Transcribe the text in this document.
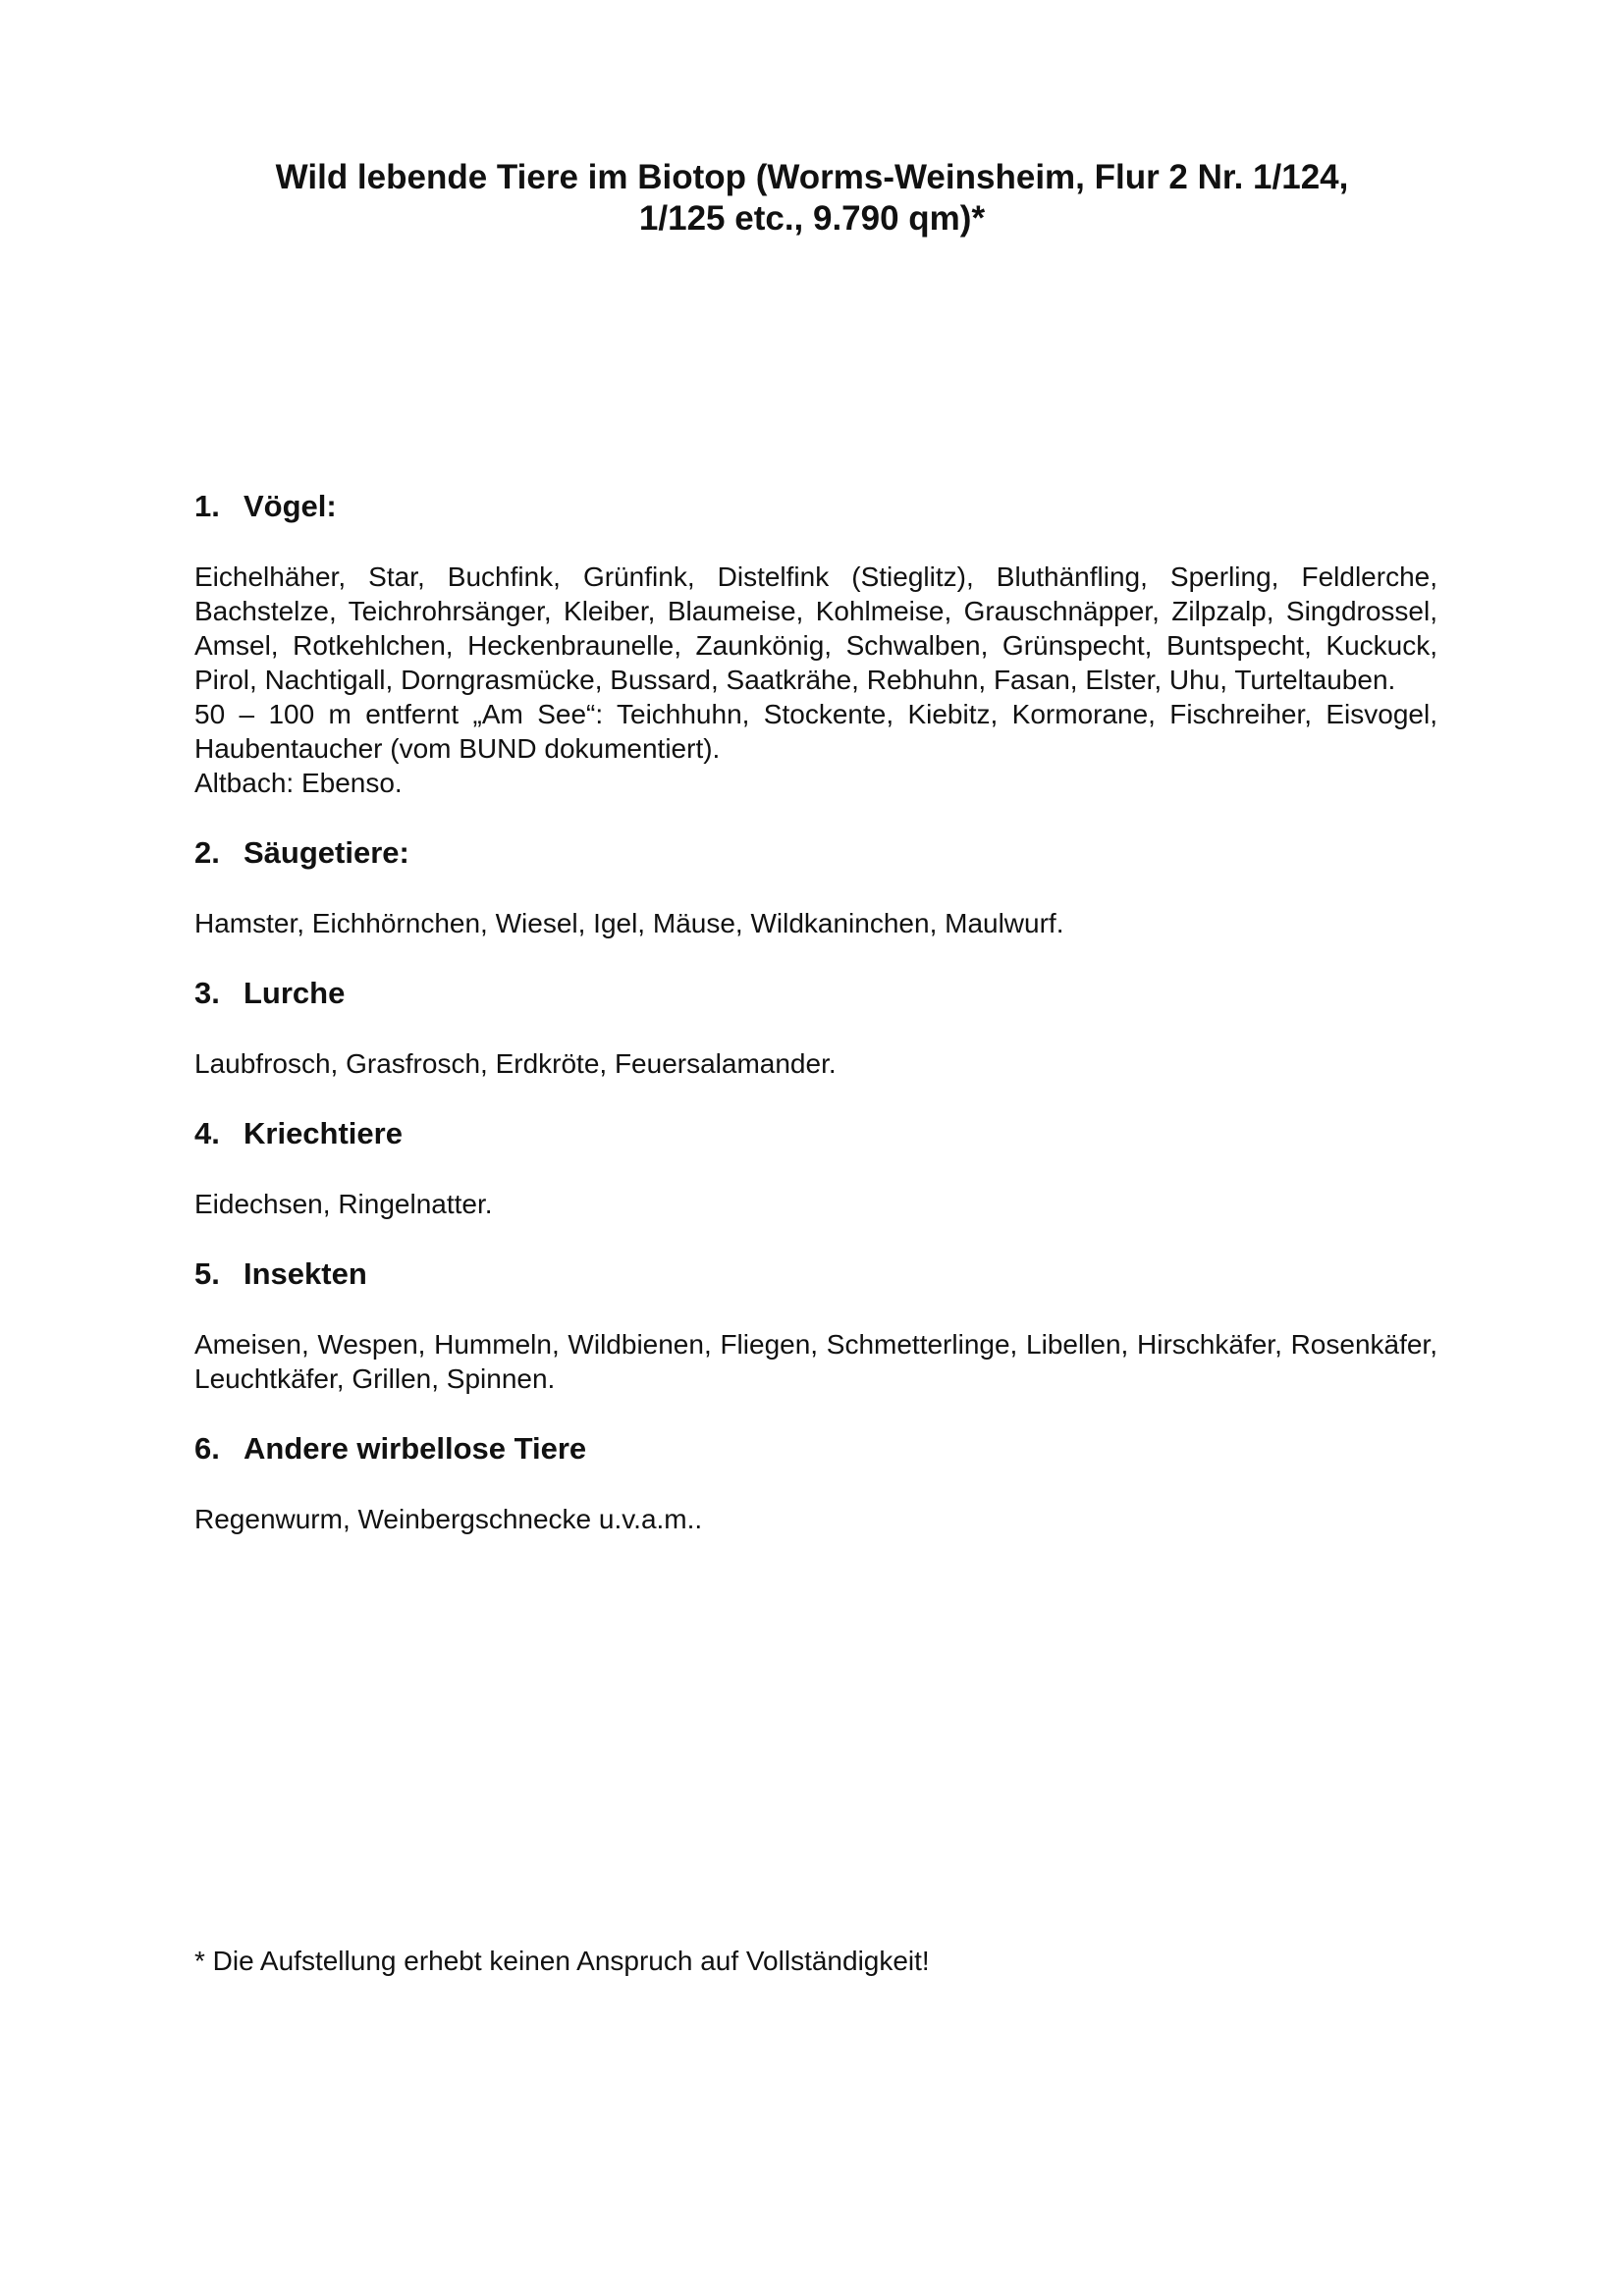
Wild lebende Tiere im Biotop (Worms-Weinsheim, Flur 2 Nr. 1/124,
1/125 etc., 9.790 qm)*
1. Vögel:

Eichelhäher, Star, Buchfink, Grünfink, Distelfink (Stieglitz), Bluthänfling, Sperling, Feldlerche, Bachstelze, Teichrohrsänger, Kleiber, Blaumeise, Kohlmeise, Grauschnäpper, Zilpzalp, Singdrossel, Amsel, Rotkehlchen, Heckenbraunelle, Zaunkönig, Schwalben, Grünspecht, Buntspecht, Kuckuck, Pirol, Nachtigall, Dorngrasmücke, Bussard, Saatkrähe, Rebhuhn, Fasan, Elster, Uhu, Turteltauben.

50 – 100 m entfernt „Am See“: Teichhuhn, Stockente, Kiebitz, Kormorane, Fischreiher, Eisvogel, Haubentaucher (vom BUND dokumentiert).

Altbach: Ebenso.

2. Säugetiere:

Hamster, Eichhörnchen, Wiesel, Igel, Mäuse, Wildkaninchen, Maulwurf.

3. Lurche

Laubfrosch, Grasfrosch, Erdkröte, Feuersalamander.

4. Kriechtiere

Eidechsen, Ringelnatter.

5. Insekten

Ameisen, Wespen, Hummeln, Wildbienen, Fliegen, Schmetterlinge, Libellen, Hirschkäfer, Rosenkäfer, Leuchtkäfer, Grillen, Spinnen.

6. Andere wirbellose Tiere

Regenwurm, Weinbergschnecke u.v.a.m..

* Die Aufstellung erhebt keinen Anspruch auf Vollständigkeit!
